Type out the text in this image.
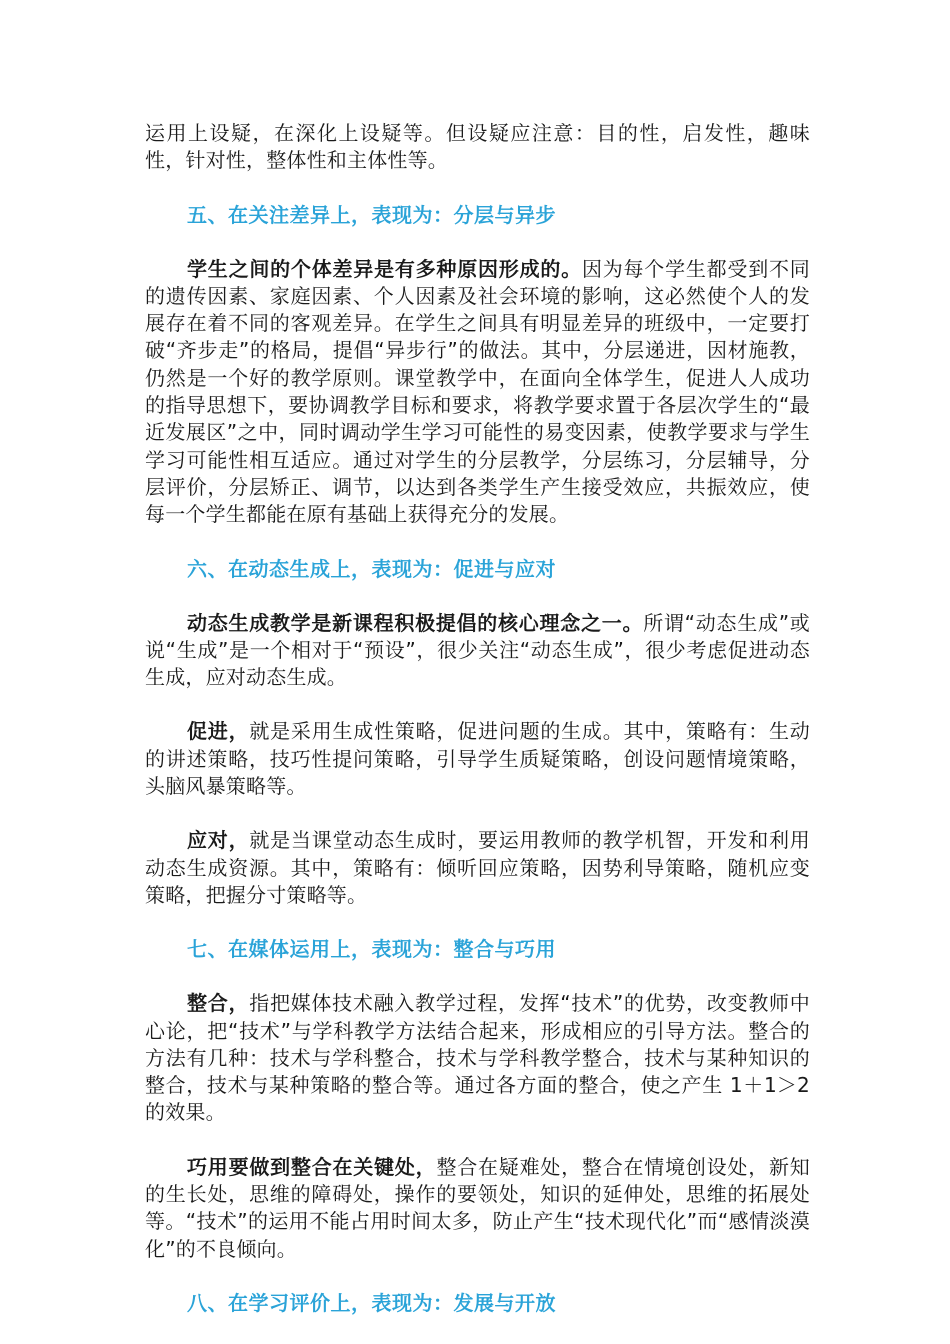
运用上设疑，在深化上设疑等。但设疑应注意：目的性，启发性，趣味性，针对性，整体性和主体性等。

五、在关注差异上，表现为：分层与异步

学生之间的个体差异是有多种原因形成的。因为每个学生都受到不同的遗传因素、家庭因素、个人因素及社会环境的影响，这必然使个人的发展存在着不同的客观差异。在学生之间具有明显差异的班级中，一定要打破“齐步走”的格局，提倡“异步行”的做法。其中，分层递进，因材施教，仍然是一个好的教学原则。课堂教学中，在面向全体学生，促进人人成功的指导思想下，要协调教学目标和要求，将教学要求置于各层次学生的“最近发展区”之中，同时调动学生学习可能性的易变因素，使教学要求与学生学习可能性相互适应。通过对学生的分层教学，分层练习，分层辅导，分层评价，分层矫正、调节，以达到各类学生产生接受效应，共振效应，使每一个学生都能在原有基础上获得充分的发展。

六、在动态生成上，表现为：促进与应对

动态生成教学是新课程积极提倡的核心理念之一。所谓“动态生成”或说“生成”是一个相对于“预设”，很少关注“动态生成”，很少考虑促进动态生成，应对动态生成。

促进，就是采用生成性策略，促进问题的生成。其中，策略有：生动的讲述策略，技巧性提问策略，引导学生质疑策略，创设问题情境策略，头脑风暴策略等。

应对，就是当课堂动态生成时，要运用教师的教学机智，开发和利用动态生成资源。其中，策略有：倾听回应策略，因势利导策略，随机应变策略，把握分寸策略等。

七、在媒体运用上，表现为：整合与巧用

整合，指把媒体技术融入教学过程，发挥“技术”的优势，改变教师中心论，把“技术”与学科教学方法结合起来，形成相应的引导方法。整合的方法有几种：技术与学科整合，技术与学科教学整合，技术与某种知识的整合，技术与某种策略的整合等。通过各方面的整合，使之产生 1＋1＞2 的效果。

巧用要做到整合在关键处，整合在疑难处，整合在情境创设处，新知的生长处，思维的障碍处，操作的要领处，知识的延伸处，思维的拓展处等。“技术”的运用不能占用时间太多，防止产生“技术现代化”而“感情淡漠化”的不良倾向。

八、在学习评价上，表现为：发展与开放
